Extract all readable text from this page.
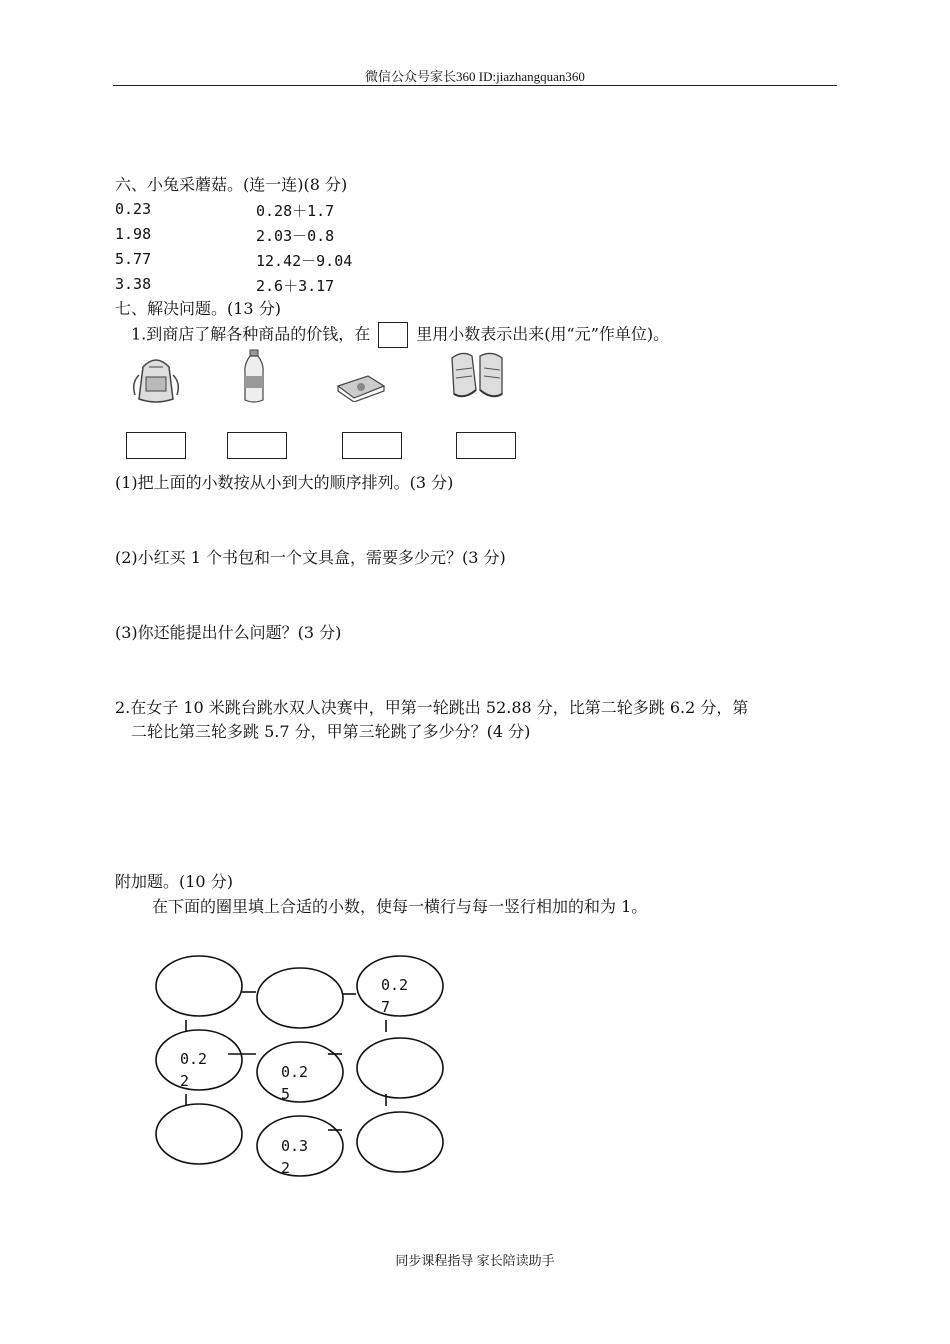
微信公众号家长360 ID:jiazhangquan360
六、小兔采蘑菇。(连一连)(8 分)
0.23
1.98
5.77
3.38
0.28＋1.7
2.03－0.8
12.42－9.04
2.6＋3.17
七、解决问题。(13 分)
1.到商店了解各种商品的价钱，在	里用小数表示出来(用“元”作单位)。
(1)把上面的小数按从小到大的顺序排列。(3 分)
(2)小红买 1 个书包和一个文具盒，需要多少元？(3 分)
(3)你还能提出什么问题？(3 分)
2.在女子 10 米跳台跳水双人决赛中，甲第一轮跳出 52.88 分，比第二轮多跳 6.2 分，第
二轮比第三轮多跳 5.7 分，甲第三轮跳了多少分？(4 分)
附加题。(10 分)
在下面的圈里填上合适的小数，使每一横行与每一竖行相加的和为 1。
0.2
7
0.2
2	0.2
5
0.3
2
同步课程指导 家长陪读助手
